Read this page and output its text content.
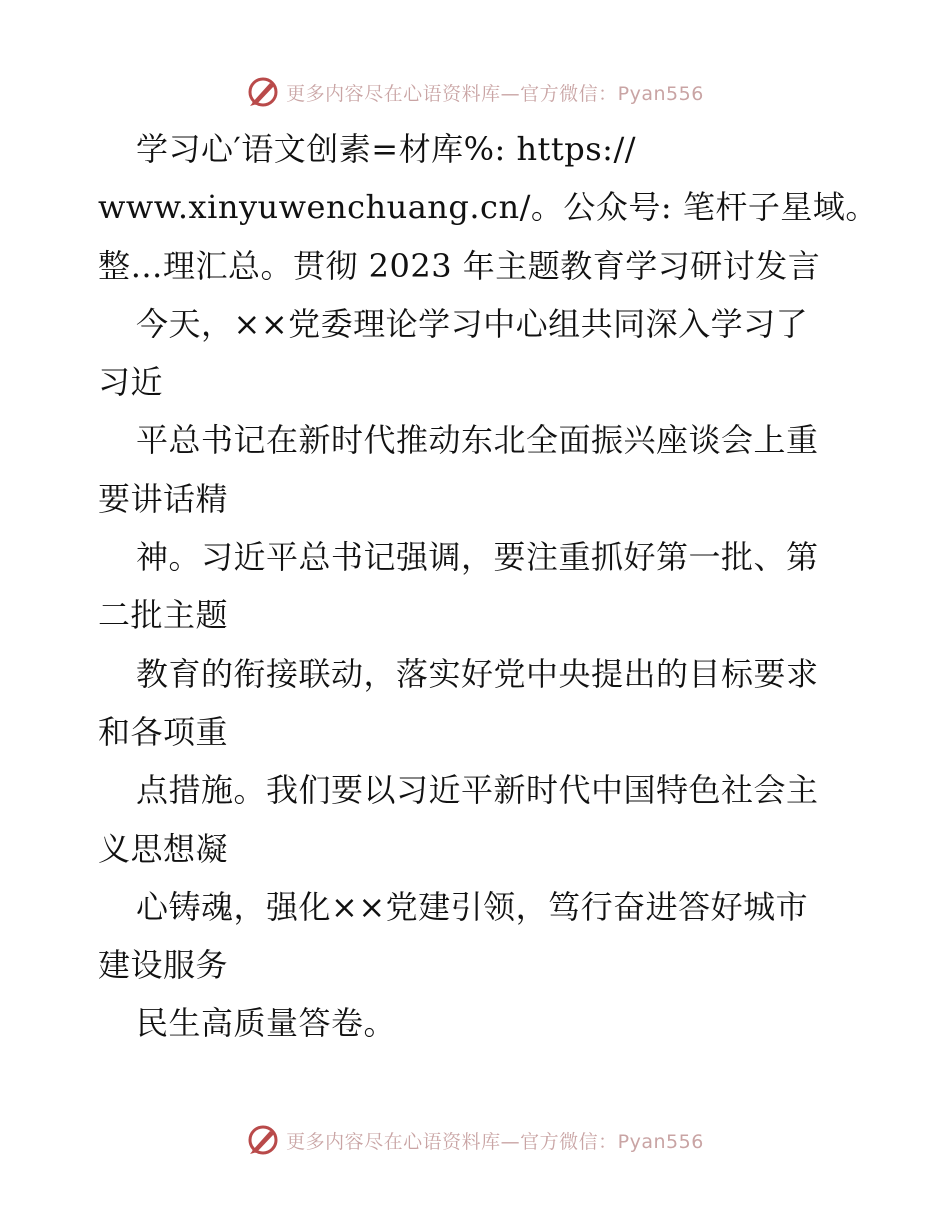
更多内容尽在心语资料库—官方微信：Pyan556
学习心′语文创素=材库%: https://
www.xinyuwenchuang.cn/。公众号: 笔杆子星域。
整…理汇总。贯彻 2023 年主题教育学习研讨发言
今天，××党委理论学习中心组共同深入学习了
习近
平总书记在新时代推动东北全面振兴座谈会上重
要讲话精
神。习近平总书记强调，要注重抓好第一批、第
二批主题
教育的衔接联动，落实好党中央提出的目标要求
和各项重
点措施。我们要以习近平新时代中国特色社会主
义思想凝
心铸魂，强化××党建引领，笃行奋进答好城市
建设服务
民生高质量答卷。
更多内容尽在心语资料库—官方微信：Pyan556
